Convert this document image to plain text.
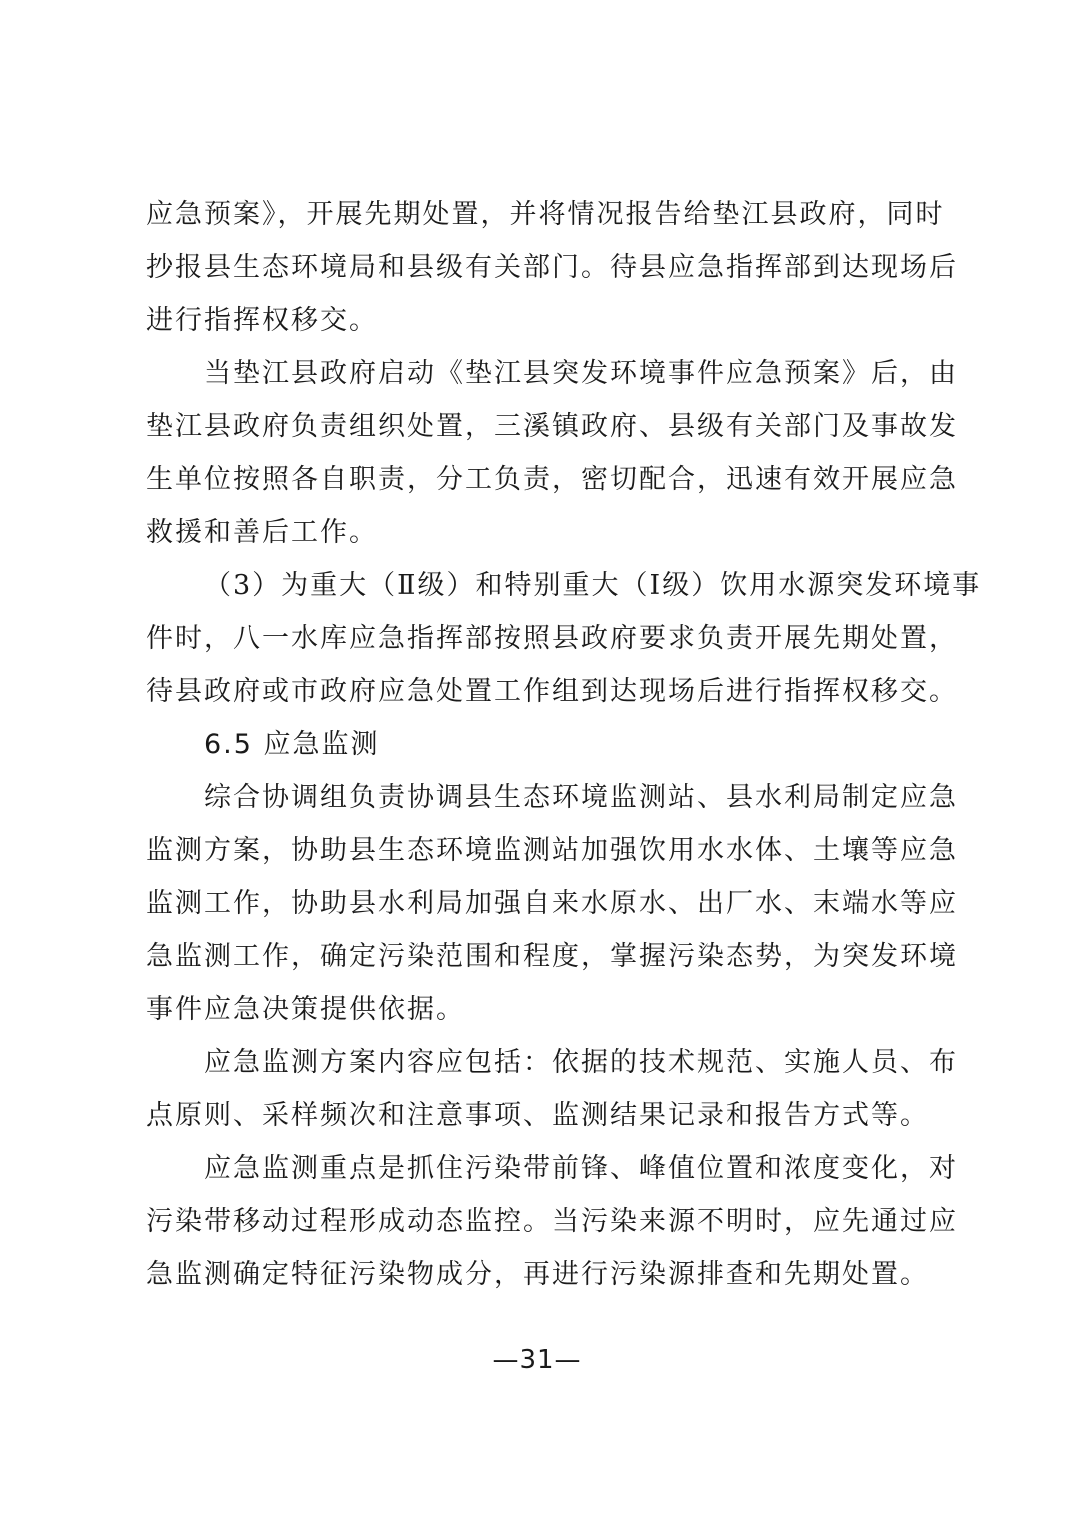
应急预案》，开展先期处置，并将情况报告给垫江县政府，同时
抄报县生态环境局和县级有关部门。待县应急指挥部到达现场后
进行指挥权移交。

当垫江县政府启动《垫江县突发环境事件应急预案》后，由
垫江县政府负责组织处置，三溪镇政府、县级有关部门及事故发
生单位按照各自职责，分工负责，密切配合，迅速有效开展应急
救援和善后工作。

（3）为重大（Ⅱ级）和特别重大（Ⅰ级）饮用水源突发环境事
件时，八一水库应急指挥部按照县政府要求负责开展先期处置，
待县政府或市政府应急处置工作组到达现场后进行指挥权移交。

6.5 应急监测

综合协调组负责协调县生态环境监测站、县水利局制定应急
监测方案，协助县生态环境监测站加强饮用水水体、土壤等应急
监测工作，协助县水利局加强自来水原水、出厂水、末端水等应
急监测工作，确定污染范围和程度，掌握污染态势，为突发环境
事件应急决策提供依据。

应急监测方案内容应包括：依据的技术规范、实施人员、布
点原则、采样频次和注意事项、监测结果记录和报告方式等。

应急监测重点是抓住污染带前锋、峰值位置和浓度变化，对
污染带移动过程形成动态监控。当污染来源不明时，应先通过应
急监测确定特征污染物成分，再进行污染源排查和先期处置。

—31—
